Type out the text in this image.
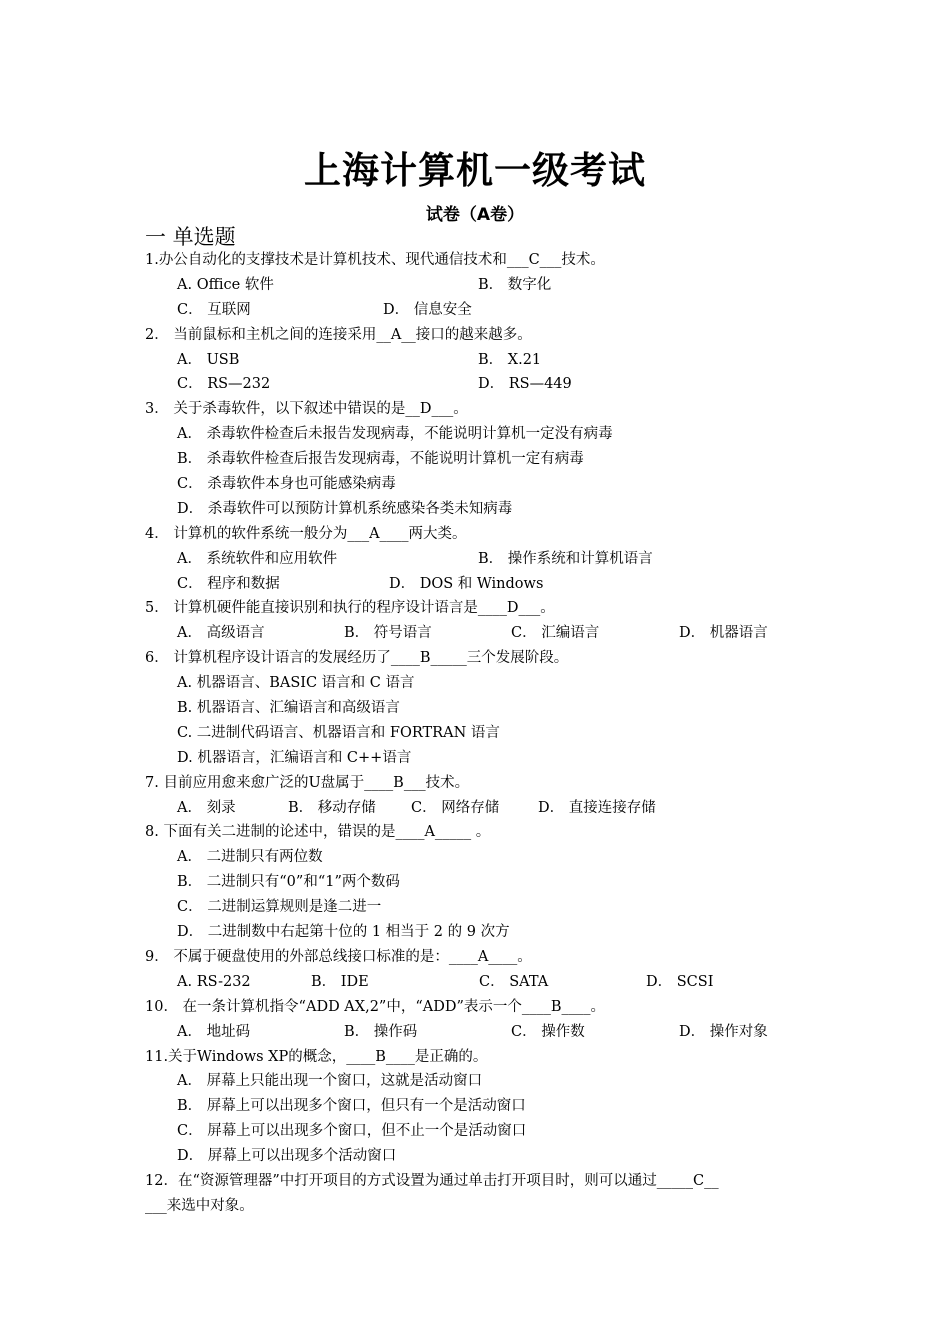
上海计算机一级考试
试卷（A卷）
一 单选题
1.办公自动化的支撑技术是计算机技术、现代通信技术和___C___技术。
A. Office 软件	B． 数字化
C． 互联网	D． 信息安全
2． 当前鼠标和主机之间的连接采用__A__接口的越来越多。
A． USB	B． X.21
C． RS—232	D． RS—449
3． 关于杀毒软件，以下叙述中错误的是__D___。
A． 杀毒软件检查后未报告发现病毒，不能说明计算机一定没有病毒
B． 杀毒软件检查后报告发现病毒，不能说明计算机一定有病毒
C． 杀毒软件本身也可能感染病毒
D． 杀毒软件可以预防计算机系统感染各类未知病毒
4． 计算机的软件系统一般分为___A____两大类。
A． 系统软件和应用软件	B． 操作系统和计算机语言
C． 程序和数据	D． DOS 和 Windows
5． 计算机硬件能直接识别和执行的程序设计语言是____D___。
A． 高级语言	B． 符号语言	C． 汇编语言	D． 机器语言
6． 计算机程序设计语言的发展经历了____B_____三个发展阶段。
A. 机器语言、BASIC 语言和 C 语言
B. 机器语言、汇编语言和高级语言
C. 二进制代码语言、机器语言和 FORTRAN 语言
D. 机器语言，汇编语言和 C++语言
7. 目前应用愈来愈广泛的U盘属于____B___技术。
A． 刻录	B． 移动存储 C． 网络存储	D． 直接连接存储
8. 下面有关二进制的论述中，错误的是____A_____ 。
A． 二进制只有两位数
B． 二进制只有“0”和“1”两个数码
C． 二进制运算规则是逢二进一
D． 二进制数中右起第十位的 1 相当于 2 的 9 次方
9． 不属于硬盘使用的外部总线接口标准的是：____A____。
A. RS-232	B． IDE	C． SATA	D． SCSI
10． 在一条计算机指令“ADD AX,2”中，“ADD”表示一个____B____。
A． 地址码	B． 操作码	C． 操作数	D． 操作对象
11.关于Windows XP的概念，____B____是正确的。
A． 屏幕上只能出现一个窗口，这就是活动窗口
B． 屏幕上可以出现多个窗口，但只有一个是活动窗口
C． 屏幕上可以出现多个窗口，但不止一个是活动窗口
D． 屏幕上可以出现多个活动窗口
12．在“资源管理器”中打开项目的方式设置为通过单击打开项目时，则可以通过_____C__
___来选中对象。
